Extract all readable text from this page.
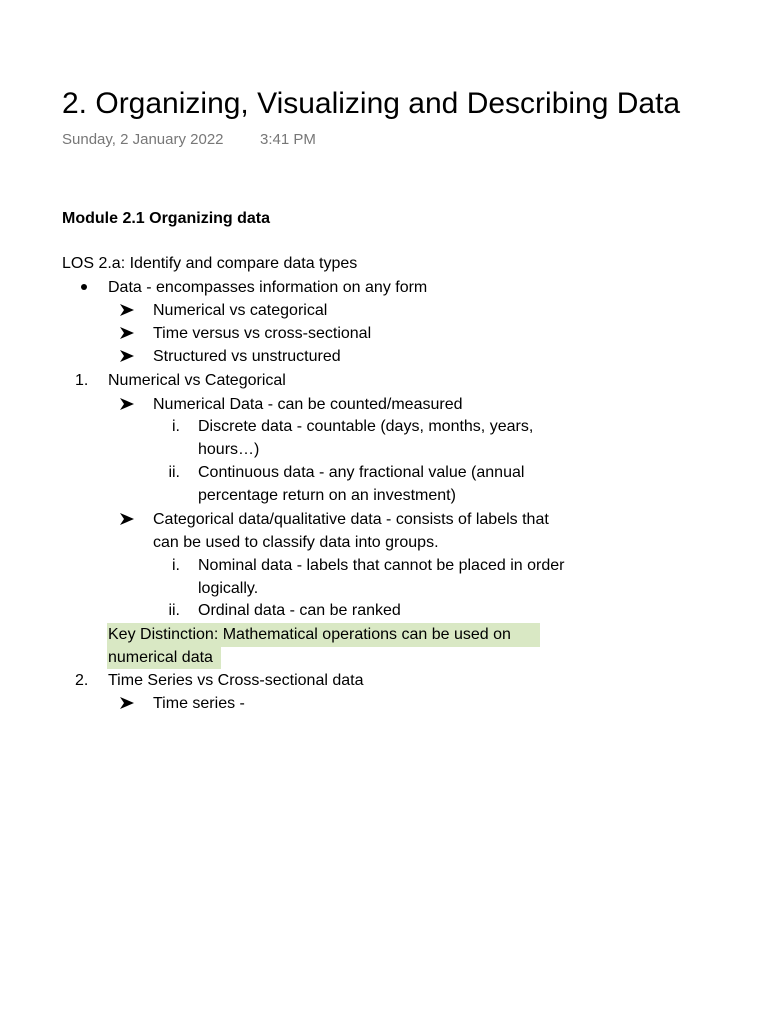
2. Organizing, Visualizing and Describing Data
Sunday, 2 January 2022 3:41 PM
Module 2.1 Organizing data
LOS 2.a: Identify and compare data types
Data - encompasses information on any form
Numerical vs categorical
Time versus vs cross-sectional
Structured vs unstructured
1. Numerical vs Categorical
Numerical Data - can be counted/measured
i. Discrete data - countable (days, months, years,
hours…)
ii. Continuous data - any fractional value (annual
percentage return on an investment)
Categorical data/qualitative data - consists of labels that
can be used to classify data into groups.
i. Nominal data - labels that cannot be placed in order
logically.
ii. Ordinal data - can be ranked
Key Distinction: Mathematical operations can be used on
numerical data
2. Time Series vs Cross-sectional data
Time series -
